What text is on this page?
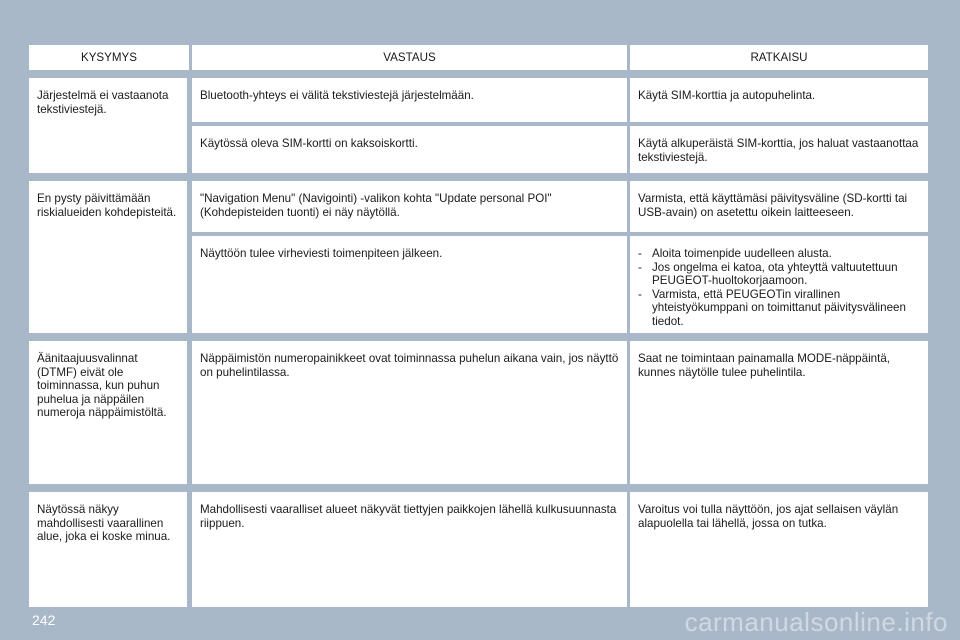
KYSYMYS	VASTAUS	RATKAISU
Järjestelmä ei vastaanota tekstiviestejä.
Bluetooth-yhteys ei välitä tekstiviestejä järjestelmään.	Käytä SIM-korttia ja autopuhelinta.
Käytössä oleva SIM-kortti on kaksoiskortti.	Käytä alkuperäistä SIM-korttia, jos haluat vastaanottaa tekstiviestejä.
En pysty päivittämään riskialueiden kohdepisteitä.
"Navigation Menu" (Navigointi) -valikon kohta "Update personal POI" (Kohdepisteiden tuonti) ei näy näytöllä.
Varmista, että käyttämäsi päivitysväline (SD-kortti tai USB-avain) on asetettu oikein laitteeseen.
Näyttöön tulee virheviesti toimenpiteen jälkeen.
-	Aloita toimenpide uudelleen alusta.
- Jos ongelma ei katoa, ota yhteyttä valtuutettuun PEUGEOT-huoltokorjaamoon.
- Varmista, että PEUGEOTin virallinen yhteistyökumppani on toimittanut päivitysvälineen tiedot.
Äänitaajuusvalinnat (DTMF) eivät ole toiminnassa, kun puhun puhelua ja näppäilen numeroja näppäimistöltä.
Näppäimistön numeropainikkeet ovat toiminnassa puhelun aikana vain, jos näyttö on puhelintilassa.
Saat ne toimintaan painamalla MODE-näppäintä, kunnes näytölle tulee puhelintila.
Näytössä näkyy mahdollisesti vaarallinen alue, joka ei koske minua.
Mahdollisesti vaaralliset alueet näkyvät tiettyjen paikkojen lähellä kulkusuunnasta riippuen.
Varoitus voi tulla näyttöön, jos ajat sellaisen väylän alapuolella tai lähellä, jossa on tutka.
242	carmanualsonline.info
